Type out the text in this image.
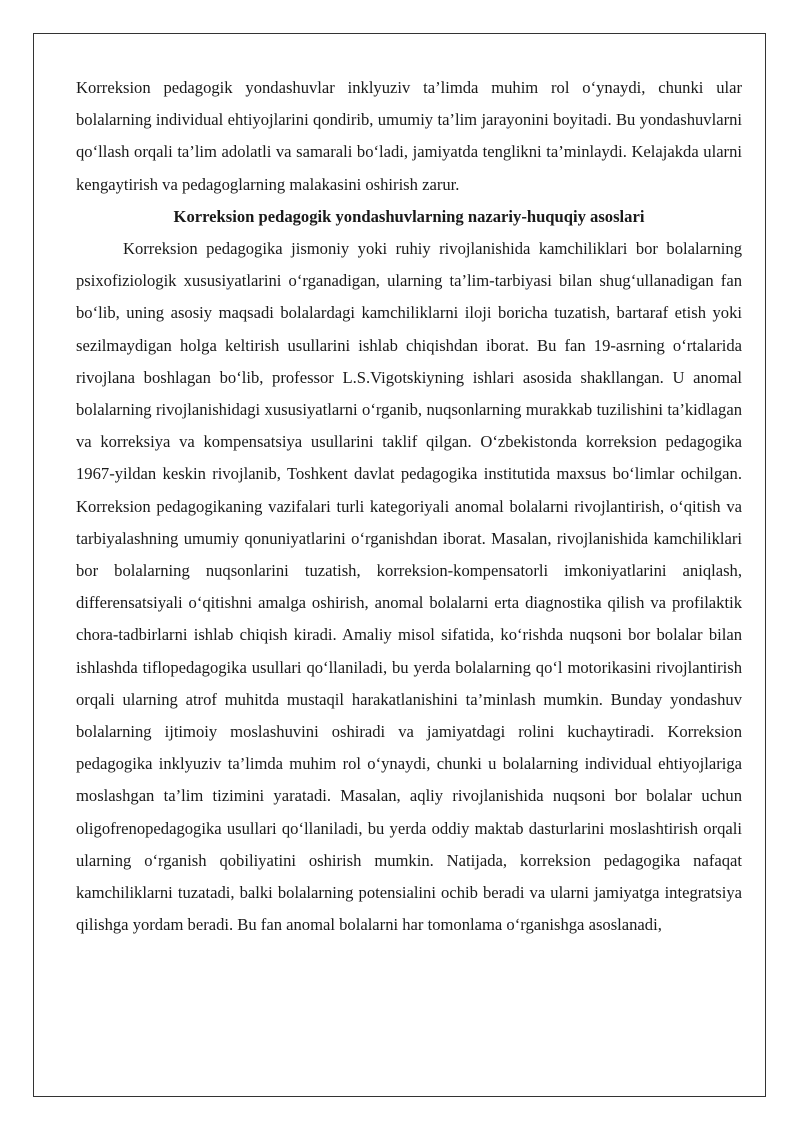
Korreksion pedagogik yondashuvlar inklyuziv ta’limda muhim rol o‘ynaydi, chunki ular bolalarning individual ehtiyojlarini qondirib, umumiy ta’lim jarayonini boyitadi. Bu yondashuvlarni qo‘llash orqali ta’lim adolatli va samarali bo‘ladi, jamiyatda tenglikni ta’minlaydi. Kelajakda ularni kengaytirish va pedagoglarning malakasini oshirish zarur.

Korreksion pedagogik yondashuvlarning nazariy-huquqiy asoslari

Korreksion pedagogika jismoniy yoki ruhiy rivojlanishida kamchiliklari bor bolalarning psixofiziologik xususiyatlarini o‘rganadigan, ularning ta’lim-tarbiyasi bilan shug‘ullanadigan fan bo‘lib, uning asosiy maqsadi bolalardagi kamchiliklarni iloji boricha tuzatish, bartaraf etish yoki sezilmaydigan holga keltirish usullarini ishlab chiqishdan iborat. Bu fan 19-asrning o‘rtalarida rivojlana boshlagan bo‘lib, professor L.S.Vigotskiyning ishlari asosida shakllangan. U anomal bolalarning rivojlanishidagi xususiyatlarni o‘rganib, nuqsonlarning murakkab tuzilishini ta’kidlagan va korreksiya va kompensatsiya usullarini taklif qilgan. O‘zbekistonda korreksion pedagogika 1967-yildan keskin rivojlanib, Toshkent davlat pedagogika institutida maxsus bo‘limlar ochilgan. Korreksion pedagogikaning vazifalari turli kategoriyali anomal bolalarni rivojlantirish, o‘qitish va tarbiyalashning umumiy qonuniyatlarini o‘rganishdan iborat. Masalan, rivojlanishida kamchiliklari bor bolalarning nuqsonlarini tuzatish, korreksion-kompensatorli imkoniyatlarini aniqlash, differensatsiyali o‘qitishni amalga oshirish, anomal bolalarni erta diagnostika qilish va profilaktik chora-tadbirlarni ishlab chiqish kiradi. Amaliy misol sifatida, ko‘rishda nuqsoni bor bolalar bilan ishlashda tiflopedagogika usullari qo‘llaniladi, bu yerda bolalarning qo‘l motorikasini rivojlantirish orqali ularning atrof muhitda mustaqil harakatlanishini ta’minlash mumkin. Bunday yondashuv bolalarning ijtimoiy moslashuvini oshiradi va jamiyatdagi rolini kuchaytiradi. Korreksion pedagogika inklyuziv ta’limda muhim rol o‘ynaydi, chunki u bolalarning individual ehtiyojlariga moslashgan ta’lim tizimini yaratadi. Masalan, aqliy rivojlanishida nuqsoni bor bolalar uchun oligofrenopedagogika usullari qo‘llaniladi, bu yerda oddiy maktab dasturlarini moslashtirish orqali ularning o‘rganish qobiliyatini oshirish mumkin. Natijada, korreksion pedagogika nafaqat kamchiliklarni tuzatadi, balki bolalarning potensialini ochib beradi va ularni jamiyatga integratsiya qilishga yordam beradi. Bu fan anomal bolalarni har tomonlama o‘rganishga asoslanadi,
